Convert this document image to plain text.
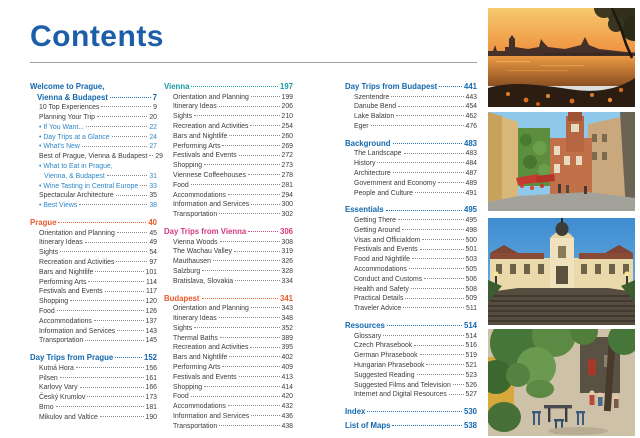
Contents
Welcome to Prague,
Vienna & Budapest	7
10 Top Experiences	9
Planning Your Trip	20
• If You Want...	22
• Day Trips at a Glance	24
• What's New	27
Best of Prague, Vienna & Budapest 29
• What to Eat in Prague,
Vienna, & Budapest	31
• Wine Tasting in Central Europe 33
Spectacular Architecture	35
• Best Views	38
Prague	40
Orientation and Planning	45
Itinerary Ideas	49
Sights	54
Recreation and Activities	97
Bars and Nightlife	101
Performing Arts	114
Festivals and Events	117
Shopping	120
Food	126
Accommodations	137
Information and Services	143
Transportation	145
Day Trips from Prague	152
Kutná Hora	156
Pilsen	161
Karlovy Vary	166
Český Krumlov	173
Brno	181
Mikulov and Valtice	190
Vienna	197
Orientation and Planning	199
Itinerary Ideas	206
Sights	210
Recreation and Activities	254
Bars and Nightlife	260
Performing Arts	269
Festivals and Events	272
Shopping	273
Viennese Coffeehouses	278
Food	281
Accommodations	294
Information and Services	300
Transportation	302
Day Trips from Vienna	306
Vienna Woods	308
The Wachau Valley	319
Mauthausen	326
Salzburg	328
Bratislava, Slovakia	334
Budapest	341
Orientation and Planning	343
Itinerary Ideas	348
Sights	352
Thermal Baths	389
Recreation and Activities	395
Bars and Nightlife	402
Performing Arts	409
Festivals and Events	413
Shopping	414
Food	420
Accommodations	432
Information and Services	436
Transportation	438
Day Trips from Budapest	441
Szentendre	443
Danube Bend	454
Lake Balaton	462
Eger	476
Background	483
The Landscape	483
History	484
Architecture	487
Government and Economy	489
People and Culture	491
Essentials	495
Getting There	495
Getting Around	498
Visas and Officialdom	500
Festivals and Events	501
Food and Nightlife	503
Accommodations	505
Conduct and Customs	506
Health and Safety	508
Practical Details	509
Traveler Advice	511
Resources	514
Glossary	514
Czech Phrasebook	516
German Phrasebook	519
Hungarian Phrasebook	521
Suggested Reading	523
Suggested Films and Television 526
Internet and Digital Resources	527
Index	530
List of Maps	538
